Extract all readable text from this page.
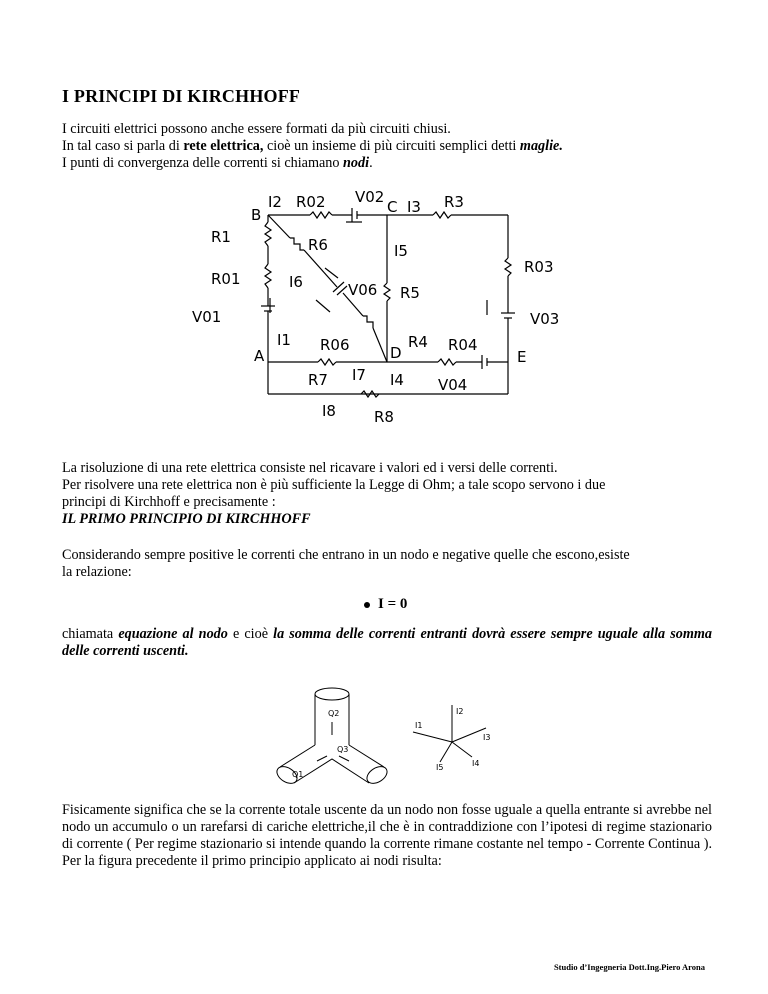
I PRINCIPI DI KIRCHHOFF

I circuiti elettrici possono anche essere formati da più circuiti chiusi.
In tal caso si parla di rete elettrica, cioè un insieme di più circuiti semplici detti maglie.
I punti di convergenza delle correnti si chiamano nodi.

I2 R02 V02
C I3 R3
B
R1	R6	I5
R03
R01	I6	V06 R5
V01	V03
I1 R06	D
R4 R04
E
A
R7 I7 I4 V04
I8	R8

La risoluzione di una rete elettrica consiste nel ricavare i valori ed i versi delle correnti.
Per risolvere una rete elettrica non è più sufficiente la Legge di Ohm; a tale scopo servono i due
principi di Kirchhoff e precisamente :

IL PRIMO PRINCIPIO DI KIRCHHOFF

Considerando sempre positive le correnti che entrano in un nodo e negative quelle che escono,esiste
la relazione:

I = 0

chiamata equazione al nodo e cioè la somma delle correnti entranti dovrà essere sempre uguale alla somma delle correnti uscenti.

Q2
Q3
Q1
I2
I1
I3
I5	I4

Fisicamente significa che se la corrente totale uscente da un nodo non fosse uguale a quella entrante si avrebbe nel nodo un accumulo o un rarefarsi di cariche elettriche,il che è in contraddizione con l’ipotesi di regime stazionario di corrente ( Per regime stazionario si intende quando la corrente rimane costante nel tempo - Corrente Continua ). Per la figura precedente il primo principio applicato ai nodi risulta:

Studio d’Ingegneria Dott.Ing.Piero Arona
